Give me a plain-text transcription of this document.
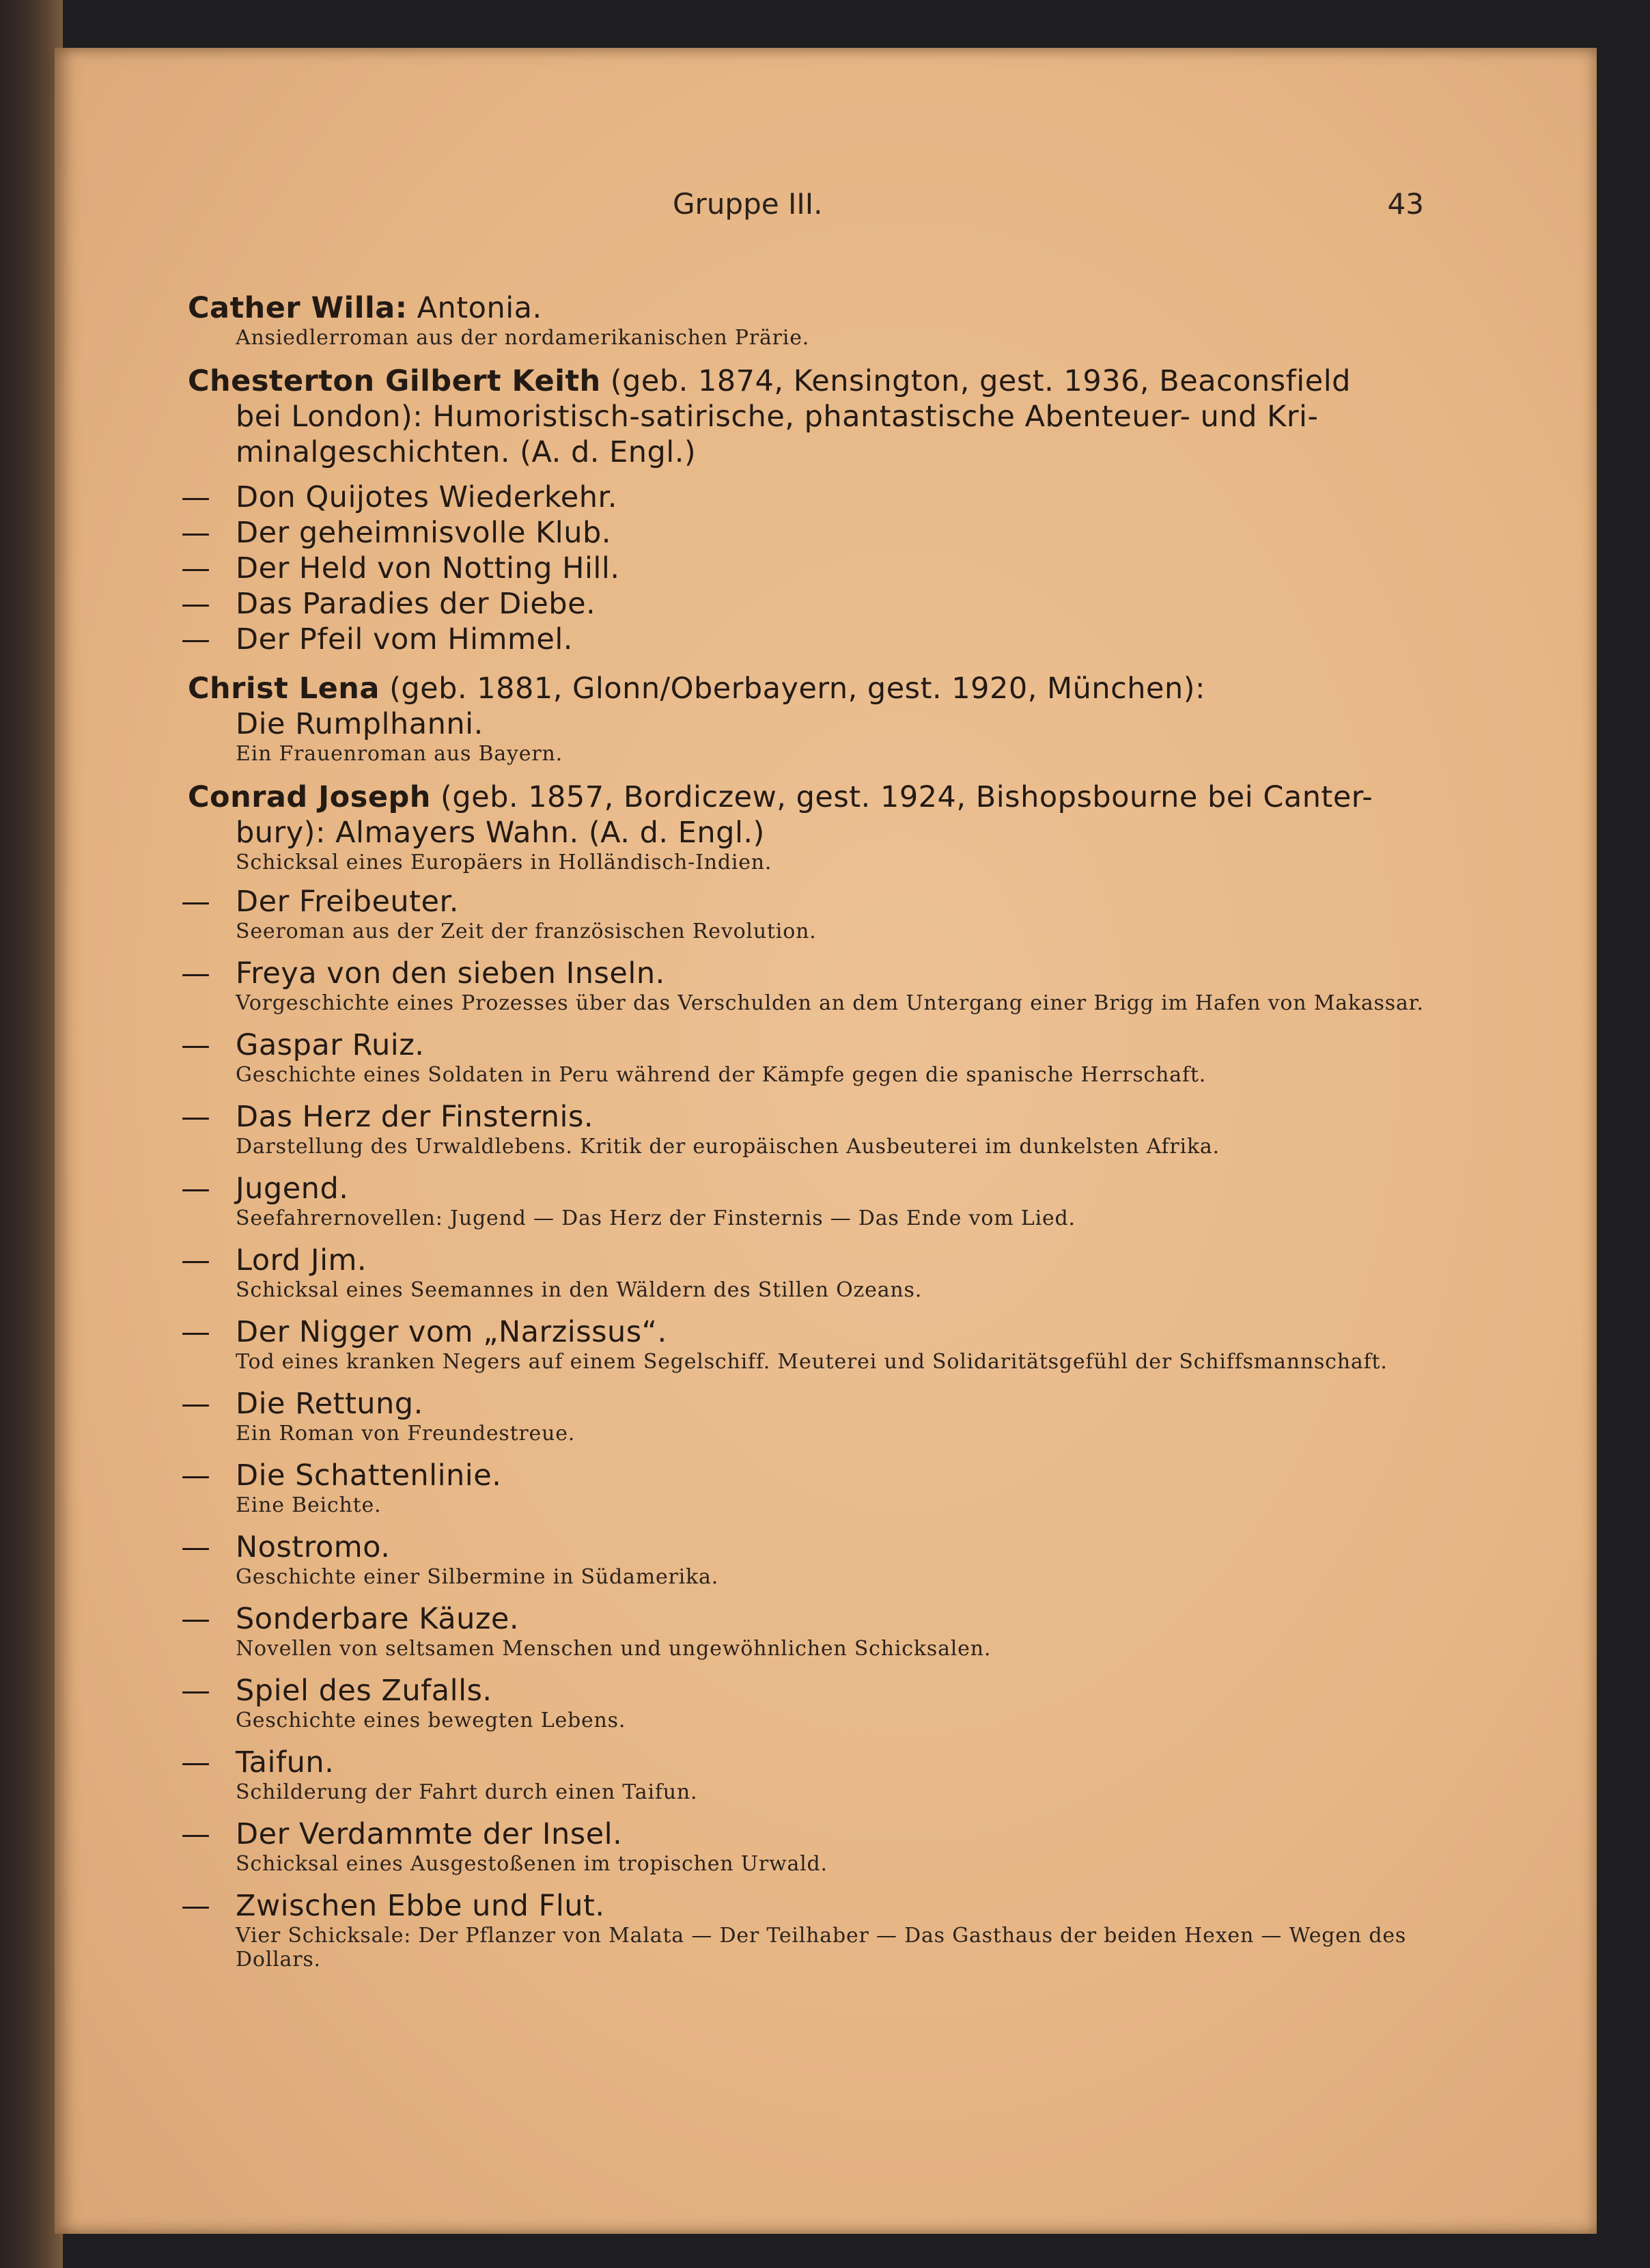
Gruppe III.	43
Cather Willa: Antonia.
Ansiedlerroman aus der nordamerikanischen Prärie.
Chesterton Gilbert Keith (geb. 1874, Kensington, gest. 1936, Beaconsfield
bei London): Humoristisch-satirische, phantastische Abenteuer- und Kri-
minalgeschichten. (A. d. Engl.)
— Don Quijotes Wiederkehr.
— Der geheimnisvolle Klub.
— Der Held von Notting Hill.
— Das Paradies der Diebe.
— Der Pfeil vom Himmel.
Christ Lena (geb. 1881, Glonn/Oberbayern, gest. 1920, München):
Die Rumplhanni.
Ein Frauenroman aus Bayern.
Conrad Joseph (geb. 1857, Bordiczew, gest. 1924, Bishopsbourne bei Canter-
bury): Almayers Wahn. (A. d. Engl.)
Schicksal eines Europäers in Holländisch-Indien.
— Der Freibeuter.
Seeroman aus der Zeit der französischen Revolution.
— Freya von den sieben Inseln.
Vorgeschichte eines Prozesses über das Verschulden an dem Untergang einer Brigg im Hafen von Makassar.
— Gaspar Ruiz.
Geschichte eines Soldaten in Peru während der Kämpfe gegen die spanische Herrschaft.
— Das Herz der Finsternis.
Darstellung des Urwaldlebens. Kritik der europäischen Ausbeuterei im dunkelsten Afrika.
— Jugend.
Seefahrernovellen: Jugend — Das Herz der Finsternis — Das Ende vom Lied.
— Lord Jim.
Schicksal eines Seemannes in den Wäldern des Stillen Ozeans.
— Der Nigger vom „Narzissus“.
Tod eines kranken Negers auf einem Segelschiff. Meuterei und Solidaritätsgefühl der Schiffsmannschaft.
— Die Rettung.
Ein Roman von Freundestreue.
— Die Schattenlinie.
Eine Beichte.
— Nostromo.
Geschichte einer Silbermine in Südamerika.
— Sonderbare Käuze.
Novellen von seltsamen Menschen und ungewöhnlichen Schicksalen.
— Spiel des Zufalls.
Geschichte eines bewegten Lebens.
— Taifun.
Schilderung der Fahrt durch einen Taifun.
— Der Verdammte der Insel.
Schicksal eines Ausgestoßenen im tropischen Urwald.
— Zwischen Ebbe und Flut.
Vier Schicksale: Der Pflanzer von Malata — Der Teilhaber — Das Gasthaus der beiden Hexen — Wegen des Dollars.
